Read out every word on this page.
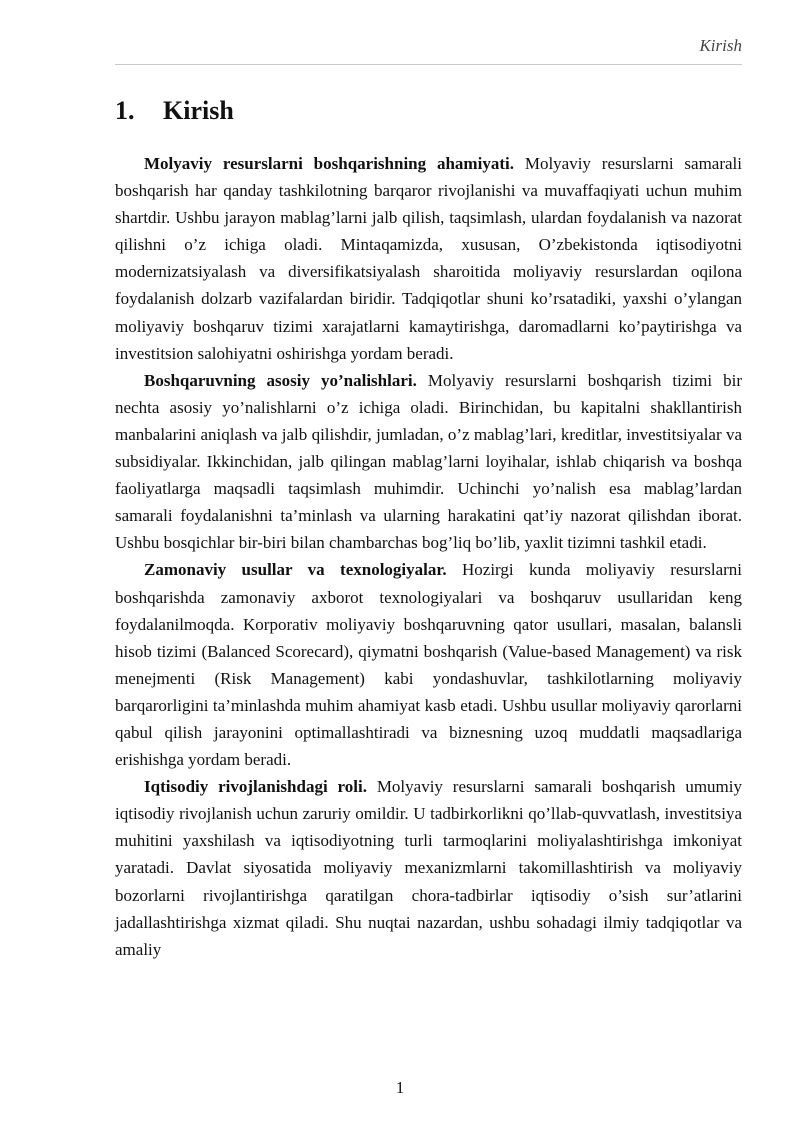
Kirish
1.	Kirish

Molyaviy resurslarni boshqarishning ahamiyati. Molyaviy resurslarni samarali boshqarish har qanday tashkilotning barqaror rivojlanishi va muvaffaqiyati uchun muhim shartdir. Ushbu jarayon mablag’larni jalb qilish, taqsimlash, ulardan foydalanish va nazorat qilishni o’z ichiga oladi. Mintaqamizda, xususan, O’zbekistonda iqtisodiyotni modernizatsiyalash va diversifikatsiyalash sharoitida moliyaviy resurslardan oqilona foydalanish dolzarb vazifalardan biridir. Tadqiqotlar shuni ko’rsatadiki, yaxshi o’ylangan moliyaviy boshqaruv tizimi xarajatlarni kamaytirishga, daromadlarni ko’paytirishga va investitsion salohiyatni oshirishga yordam beradi.

Boshqaruvning asosiy yo’nalishlari. Molyaviy resurslarni boshqarish tizimi bir nechta asosiy yo’nalishlarni o’z ichiga oladi. Birinchidan, bu kapitalni shakllantirish manbalarini aniqlash va jalb qilishdir, jumladan, o’z mablag’lari, kreditlar, investitsiyalar va subsidiyalar. Ikkinchidan, jalb qilingan mablag’larni loyihalar, ishlab chiqarish va boshqa faoliyatlarga maqsadli taqsimlash muhimdir. Uchinchi yo’nalish esa mablag’lardan samarali foydalanishni ta’minlash va ularning harakatini qat’iy nazorat qilishdan iborat. Ushbu bosqichlar bir-biri bilan chambarchas bog’liq bo’lib, yaxlit tizimni tashkil etadi.

Zamonaviy usullar va texnologiyalar. Hozirgi kunda moliyaviy resurslarni boshqarishda zamonaviy axborot texnologiyalari va boshqaruv usullaridan keng foydalanilmoqda. Korporativ moliyaviy boshqaruvning qator usullari, masalan, balansli hisob tizimi (Balanced Scorecard), qiymatni boshqarish (Value-based Management) va risk menejmenti (Risk Management) kabi yondashuvlar, tashkilotlarning moliyaviy barqarorligini ta’minlashda muhim ahamiyat kasb etadi. Ushbu usullar moliyaviy qarorlarni qabul qilish jarayonini optimallashtiradi va biznesning uzoq muddatli maqsadlariga erishishga yordam beradi.

Iqtisodiy rivojlanishdagi roli. Molyaviy resurslarni samarali boshqarish umumiy iqtisodiy rivojlanish uchun zaruriy omildir. U tadbirkorlikni qo’llab-quvvatlash, investitsiya muhitini yaxshilash va iqtisodiyotning turli tarmoqlarini moliyalashtirishga imkoniyat yaratadi. Davlat siyosatida moliyaviy mexanizmlarni takomillashtirish va moliyaviy bozorlarni rivojlantirishga qaratilgan chora-tadbirlar iqtisodiy o’sish sur’atlarini jadallashtirishga xizmat qiladi. Shu nuqtai nazardan, ushbu sohadagi ilmiy tadqiqotlar va amaliy

1
